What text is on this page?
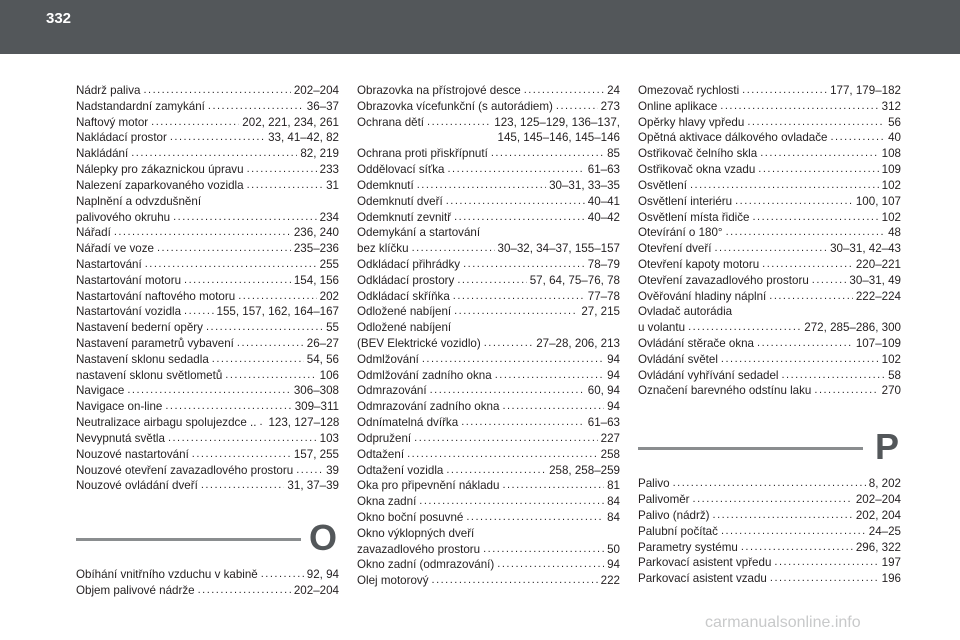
332
Nádrž paliva .....	202–204
Nadstandardní zamykání .....	36–37
Naftový motor .....	202, 221, 234, 261
Nakládací prostor .....	33, 41–42, 82
Nakládání .....	82, 219
Nálepky pro zákaznickou úpravu .....	233
Nalezení zaparkovaného vozidla .....	31
Naplnění a odvzdušnění
palivového okruhu .....	234
Nářadí .....	236, 240
Nářadí ve voze .....	235–236
Nastartování .....	255
Nastartování motoru .....	154, 156
Nastartování naftového motoru .....	202
Nastartování vozidla .....	155, 157, 162, 164–167
Nastavení bederní opěry .....	55
Nastavení parametrů vybavení .....	26–27
Nastavení sklonu sedadla .....	54, 56
nastavení sklonu světlometů .....	106
Navigace .....	306–308
Navigace on-line .....	309–311
Neutralizace airbagu spolujezdce .. ..... 123, 127–128
Nevypnutá světla .....	103
Nouzové nastartování .....	157, 255
Nouzové otevření zavazadlového prostoru .....	39
Nouzové ovládání dveří .....	31, 37–39
O
Obíhání vnitřního vzduchu v kabině .....	92, 94
Objem palivové nádrže .....	202–204
Obrazovka na přístrojové desce .....	24
Obrazovka vícefunkční (s autorádiem) .....	273
Ochrana dětí .....	123, 125–129, 136–137,
145, 145–146, 145–146
Ochrana proti přiskřípnutí .....	85
Oddělovací síťka .....	61–63
Odemknutí .....	30–31, 33–35
Odemknutí dveří .....	40–41
Odemknutí zevnitř .....	40–42
Odemykání a startování
bez klíčku .....	30–32, 34–37, 155–157
Odkládací přihrádky .....	78–79
Odkládací prostory .....	57, 64, 75–76, 78
Odkládací skříňka .....	77–78
Odložené nabíjení .....	27, 215
Odložené nabíjení
(BEV Elektrické vozidlo) .....	27–28, 206, 213
Odmlžování .....	94
Odmlžování zadního okna .....	94
Odmrazování .....	60, 94
Odmrazování zadního okna .....	94
Odnímatelná dvířka .....	61–63
Odpružení .....	227
Odtažení .....	258
Odtažení vozidla .....	258, 258–259
Oka pro připevnění nákladu .....	81
Okna zadní .....	84
Okno boční posuvné .....	84
Okno výklopných dveří
zavazadlového prostoru .....	50
Okno zadní (odmrazování) .....	94
Olej motorový .....	222
Omezovač rychlosti .....	177, 179–182
Online aplikace .....	312
Opěrky hlavy vpředu .....	56
Opětná aktivace dálkového ovladače .....	40
Ostřikovač čelního skla .....	108
Ostřikovač okna vzadu .....	109
Osvětlení .....	102
Osvětlení interiéru .....	100, 107
Osvětlení místa řidiče .....	102
Otevírání o 180° .....	48
Otevření dveří .....	30–31, 42–43
Otevření kapoty motoru .....	220–221
Otevření zavazadlového prostoru .....	30–31, 49
Ověřování hladiny náplní .....	222–224
Ovladač autorádia
u volantu .....	272, 285–286, 300
Ovládání stěrače okna .....	107–109
Ovládání světel .....	102
Ovládání vyhřívání sedadel .....	58
Označení barevného odstínu laku .....	270
P
Palivo .....	8, 202
Palivoměr .....	202–204
Palivo (nádrž) .....	202, 204
Palubní počítač .....	24–25
Parametry systému .....	296, 322
Parkovací asistent vpředu .....	197
Parkovací asistent vzadu .....	196
carmanualsonline.info
